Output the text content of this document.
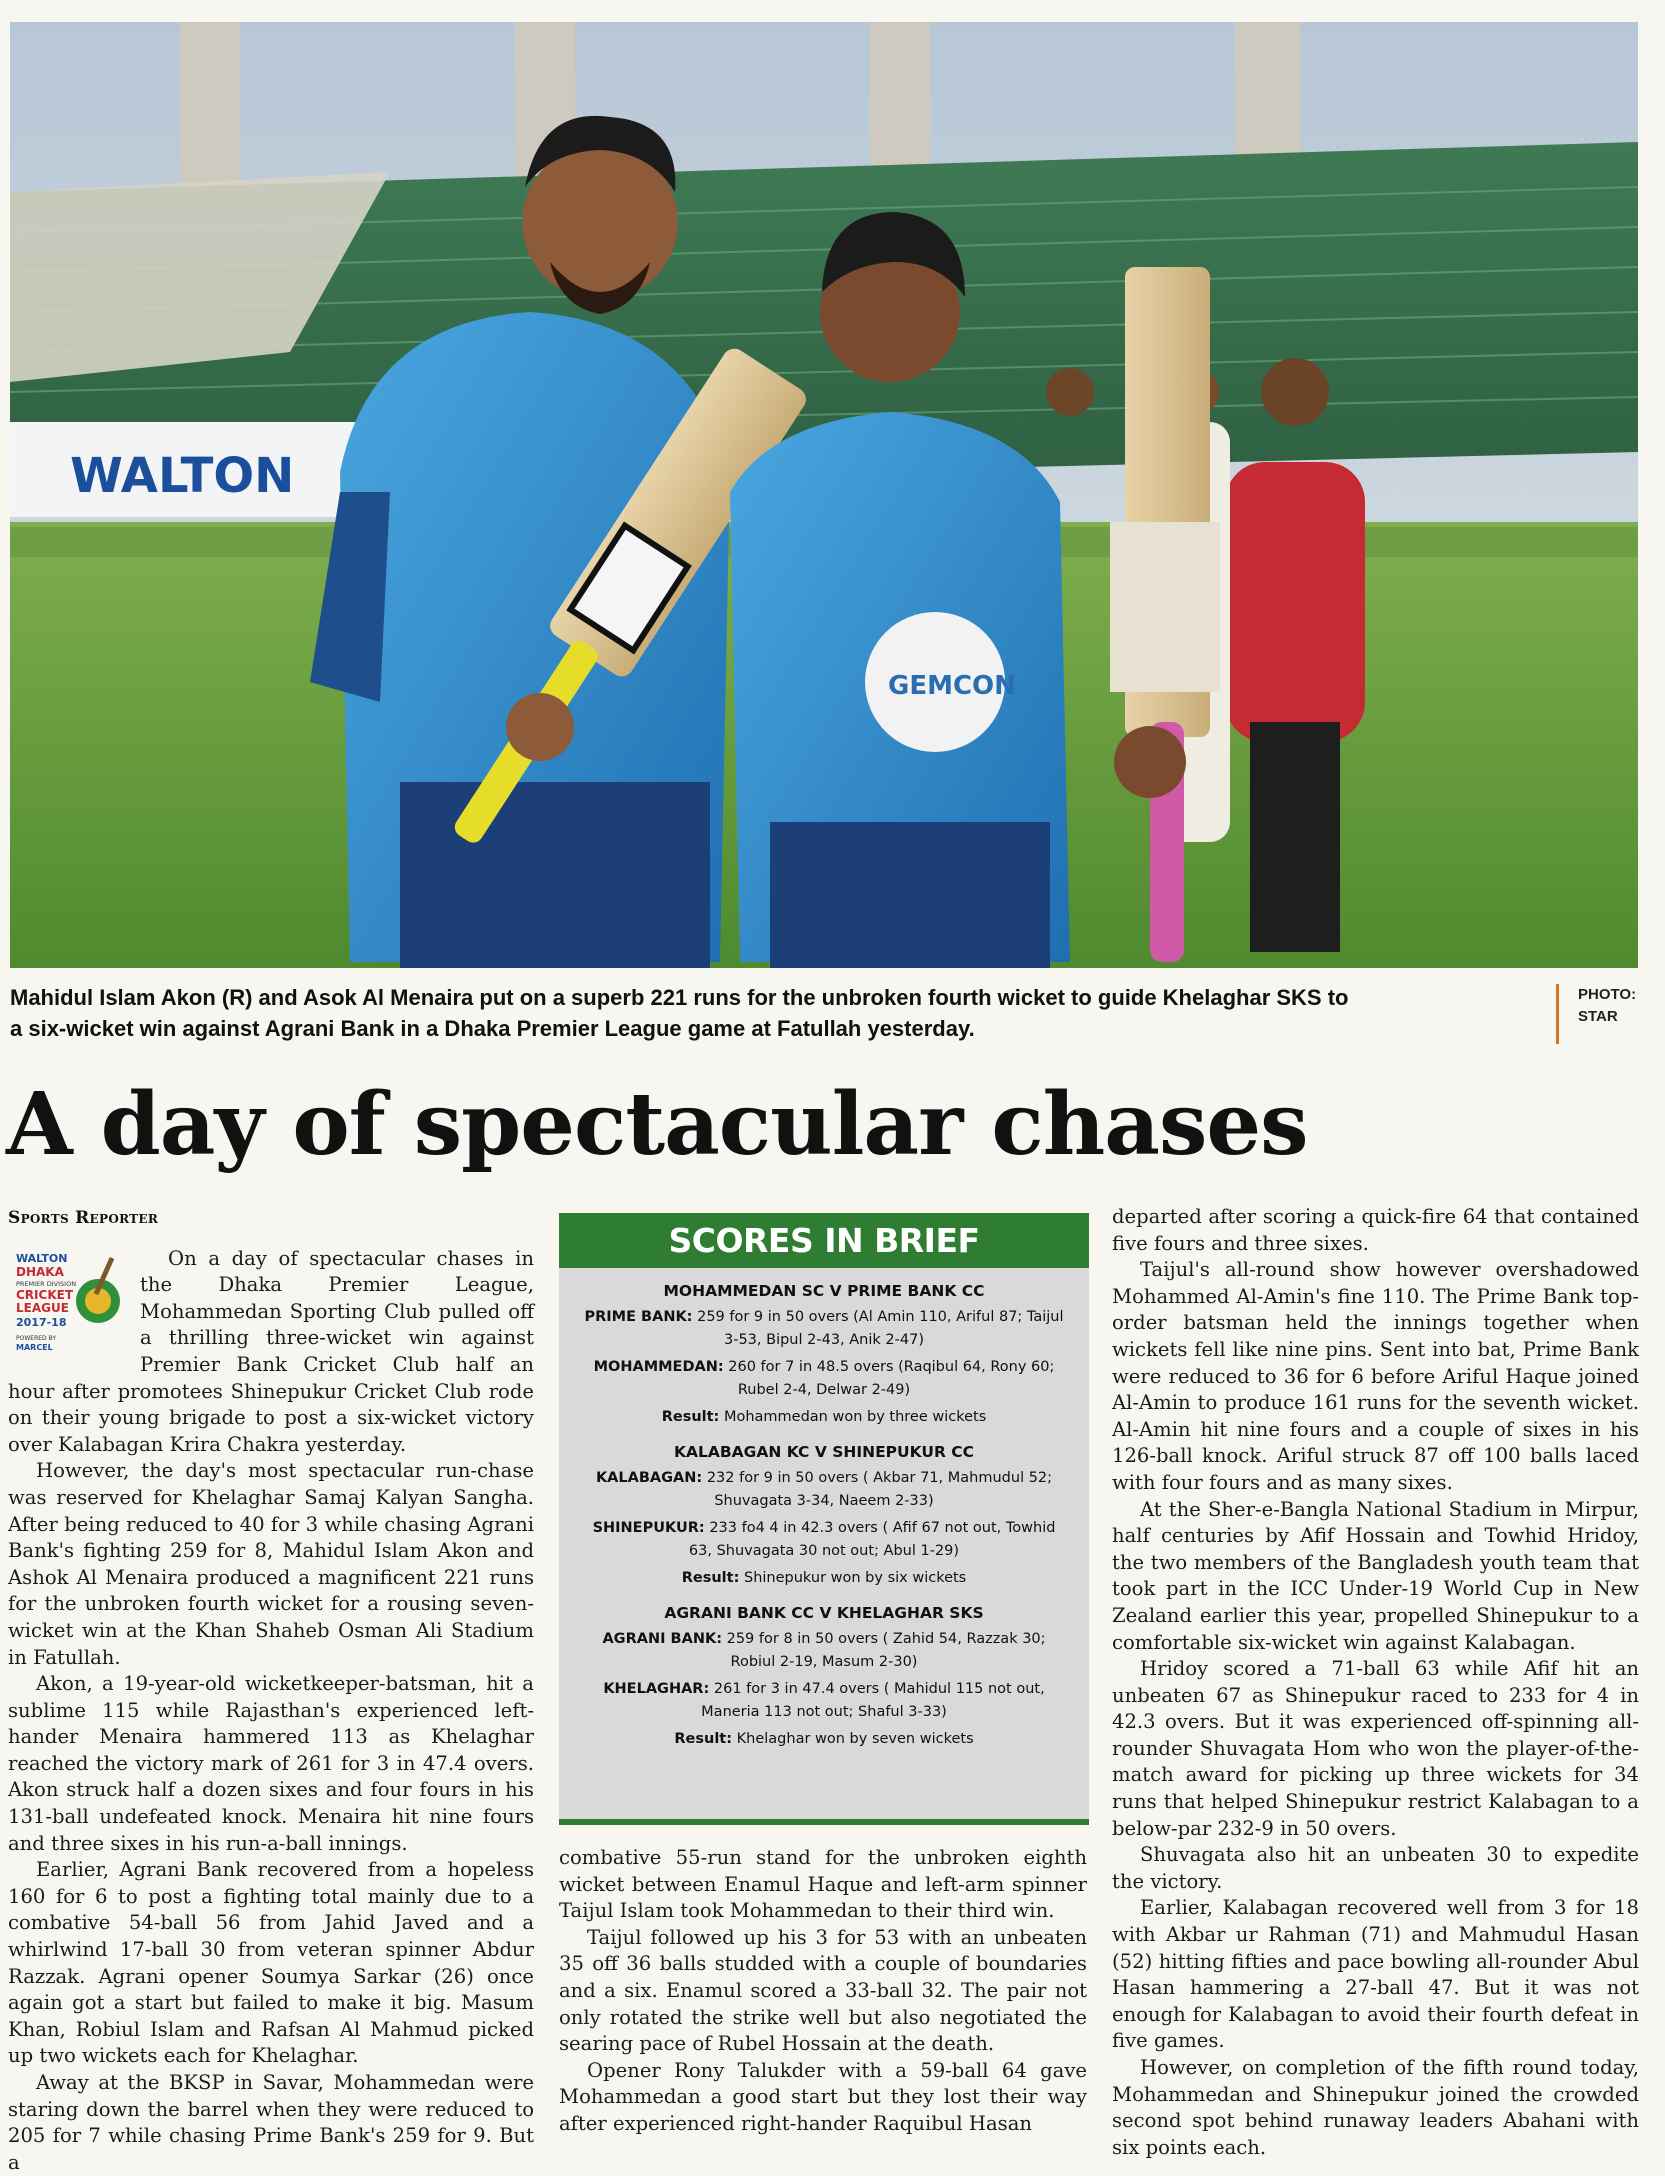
WALTON
GEMCON
Mahidul Islam Akon (R) and Asok Al Menaira put on a superb 221 runs for the unbroken fourth wicket to guide Khelaghar SKS to a six-wicket win against Agrani Bank in a Dhaka Premier League game at Fatullah yesterday.
PHOTO:
STAR
A day of spectacular chases
Sports Reporter
WALTON
DHAKA
PREMIER DIVISION
CRICKET
LEAGUE
2017-18
POWERED BY
MARCEL

On a day of spectacular chases in the Dhaka Premier League, Mohammedan Sporting Club pulled off a thrilling three-wicket win against Premier Bank Cricket Club half an hour after promotees Shinepukur Cricket Club rode on their young brigade to post a six-wicket victory over Kalabagan Krira Chakra yesterday.

However, the day's most spectacular run-chase was reserved for Khelaghar Samaj Kalyan Sangha. After being reduced to 40 for 3 while chasing Agrani Bank's fighting 259 for 8, Mahidul Islam Akon and Ashok Al Menaira produced a magnificent 221 runs for the unbroken fourth wicket for a rousing seven-wicket win at the Khan Shaheb Osman Ali Stadium in Fatullah.

Akon, a 19-year-old wicketkeeper-batsman, hit a sublime 115 while Rajasthan's experienced left-hander Menaira hammered 113 as Khelaghar reached the victory mark of 261 for 3 in 47.4 overs. Akon struck half a dozen sixes and four fours in his 131-ball undefeated knock. Menaira hit nine fours and three sixes in his run-a-ball innings.

Earlier, Agrani Bank recovered from a hopeless 160 for 6 to post a fighting total mainly due to a combative 54-ball 56 from Jahid Javed and a whirlwind 17-ball 30 from veteran spinner Abdur Razzak. Agrani opener Soumya Sarkar (26) once again got a start but failed to make it big. Masum Khan, Robiul Islam and Rafsan Al Mahmud picked up two wickets each for Khelaghar.

Away at the BKSP in Savar, Mohammedan were staring down the barrel when they were reduced to 205 for 7 while chasing Prime Bank's 259 for 9. But a

SCORES IN BRIEF
MOHAMMEDAN SC V PRIME BANK CC
PRIME BANK: 259 for 9 in 50 overs (Al Amin 110, Ariful 87; Taijul 3-53, Bipul 2-43, Anik 2-47)
MOHAMMEDAN: 260 for 7 in 48.5 overs (Raqibul 64, Rony 60; Rubel 2-4, Delwar 2-49)
Result: Mohammedan won by three wickets
KALABAGAN KC V SHINEPUKUR CC
KALABAGAN: 232 for 9 in 50 overs ( Akbar 71, Mahmudul 52; Shuvagata 3-34, Naeem 2-33)
SHINEPUKUR: 233 fo4 4 in 42.3 overs ( Afif 67 not out, Towhid 63, Shuvagata 30 not out; Abul 1-29)
Result: Shinepukur won by six wickets
AGRANI BANK CC V KHELAGHAR SKS
AGRANI BANK: 259 for 8 in 50 overs ( Zahid 54, Razzak 30; Robiul 2-19, Masum 2-30)
KHELAGHAR: 261 for 3 in 47.4 overs ( Mahidul 115 not out, Maneria 113 not out; Shaful 3-33)
Result: Khelaghar won by seven wickets

combative 55-run stand for the unbroken eighth wicket between Enamul Haque and left-arm spinner Taijul Islam took Mohammedan to their third win.

Taijul followed up his 3 for 53 with an unbeaten 35 off 36 balls studded with a couple of boundaries and a six. Enamul scored a 33-ball 32. The pair not only rotated the strike well but also negotiated the searing pace of Rubel Hossain at the death.

Opener Rony Talukder with a 59-ball 64 gave Mohammedan a good start but they lost their way after experienced right-hander Raquibul Hasan

departed after scoring a quick-fire 64 that contained five fours and three sixes.

Taijul's all-round show however overshadowed Mohammed Al-Amin's fine 110. The Prime Bank top-order batsman held the innings together when wickets fell like nine pins. Sent into bat, Prime Bank were reduced to 36 for 6 before Ariful Haque joined Al-Amin to produce 161 runs for the seventh wicket. Al-Amin hit nine fours and a couple of sixes in his 126-ball knock. Ariful struck 87 off 100 balls laced with four fours and as many sixes.

At the Sher-e-Bangla National Stadium in Mirpur, half centuries by Afif Hossain and Towhid Hridoy, the two members of the Bangladesh youth team that took part in the ICC Under-19 World Cup in New Zealand earlier this year, propelled Shinepukur to a comfortable six-wicket win against Kalabagan.

Hridoy scored a 71-ball 63 while Afif hit an unbeaten 67 as Shinepukur raced to 233 for 4 in 42.3 overs. But it was experienced off-spinning all-rounder Shuvagata Hom who won the player-of-the-match award for picking up three wickets for 34 runs that helped Shinepukur restrict Kalabagan to a below-par 232-9 in 50 overs.

Shuvagata also hit an unbeaten 30 to expedite the victory.

Earlier, Kalabagan recovered well from 3 for 18 with Akbar ur Rahman (71) and Mahmudul Hasan (52) hitting fifties and pace bowling all-rounder Abul Hasan hammering a 27-ball 47. But it was not enough for Kalabagan to avoid their fourth defeat in five games.

However, on completion of the fifth round today, Mohammedan and Shinepukur joined the crowded second spot behind runaway leaders Abahani with six points each.
